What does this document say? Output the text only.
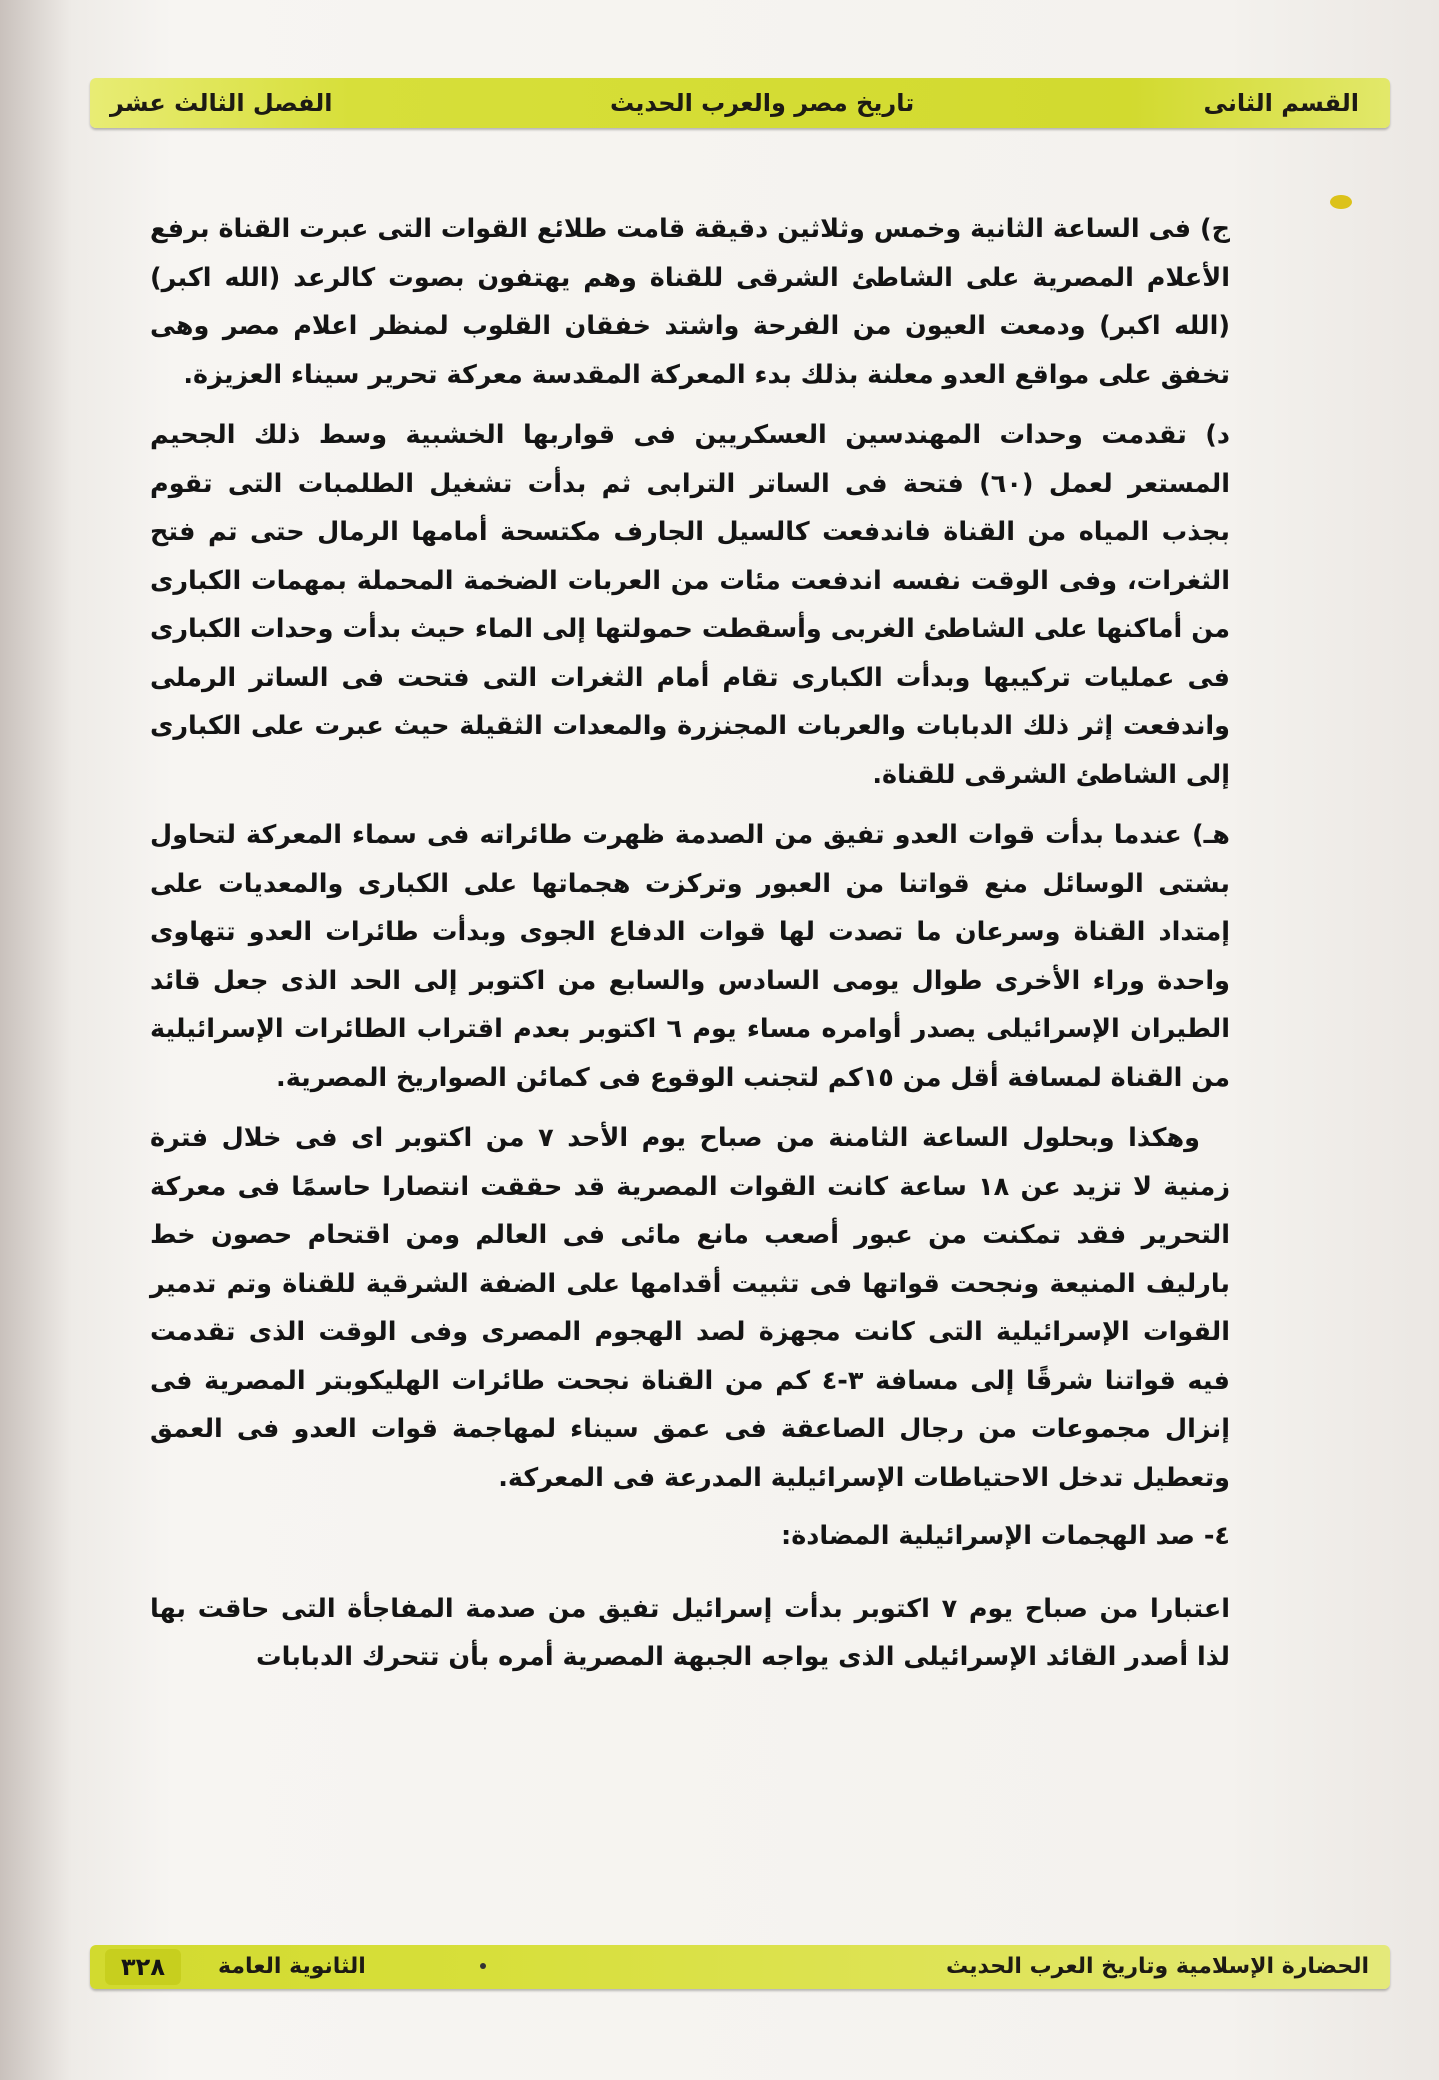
القسم الثانى
تاريخ مصر والعرب الحديث
الفصل الثالث عشر

ج) فى الساعة الثانية وخمس وثلاثين دقيقة قامت طلائع القوات التى عبرت القناة برفع الأعلام المصرية على الشاطئ الشرقى للقناة وهم يهتفون بصوت كالرعد (الله اكبر) (الله اكبر) ودمعت العيون من الفرحة واشتد خفقان القلوب لمنظر اعلام مصر وهى تخفق على مواقع العدو معلنة بذلك بدء المعركة المقدسة معركة تحرير سيناء العزيزة.

د) تقدمت وحدات المهندسين العسكريين فى قواربها الخشبية وسط ذلك الجحيم المستعر لعمل (٦٠) فتحة فى الساتر الترابى ثم بدأت تشغيل الطلمبات التى تقوم بجذب المياه من القناة فاندفعت كالسيل الجارف مكتسحة أمامها الرمال حتى تم فتح الثغرات، وفى الوقت نفسه اندفعت مئات من العربات الضخمة المحملة بمهمات الكبارى من أماكنها على الشاطئ الغربى وأسقطت حمولتها إلى الماء حيث بدأت وحدات الكبارى فى عمليات تركيبها وبدأت الكبارى تقام أمام الثغرات التى فتحت فى الساتر الرملى واندفعت إثر ذلك الدبابات والعربات المجنزرة والمعدات الثقيلة حيث عبرت على الكبارى إلى الشاطئ الشرقى للقناة.

هـ) عندما بدأت قوات العدو تفيق من الصدمة ظهرت طائراته فى سماء المعركة لتحاول بشتى الوسائل منع قواتنا من العبور وتركزت هجماتها على الكبارى والمعديات على إمتداد القناة وسرعان ما تصدت لها قوات الدفاع الجوى وبدأت طائرات العدو تتهاوى واحدة وراء الأخرى طوال يومى السادس والسابع من اكتوبر إلى الحد الذى جعل قائد الطيران الإسرائيلى يصدر أوامره مساء يوم ٦ اكتوبر بعدم اقتراب الطائرات الإسرائيلية من القناة لمسافة أقل من ١٥كم لتجنب الوقوع فى كمائن الصواريخ المصرية.

وهكذا وبحلول الساعة الثامنة من صباح يوم الأحد ٧ من اكتوبر اى فى خلال فترة زمنية لا تزيد عن ١٨ ساعة كانت القوات المصرية قد حققت انتصارا حاسمًا فى معركة التحرير فقد تمكنت من عبور أصعب مانع مائى فى العالم ومن اقتحام حصون خط بارليف المنيعة ونجحت قواتها فى تثبيت أقدامها على الضفة الشرقية للقناة وتم تدمير القوات الإسرائيلية التى كانت مجهزة لصد الهجوم المصرى وفى الوقت الذى تقدمت فيه قواتنا شرقًا إلى مسافة ٣-٤ كم من القناة نجحت طائرات الهليكوبتر المصرية فى إنزال مجموعات من رجال الصاعقة فى عمق سيناء لمهاجمة قوات العدو فى العمق وتعطيل تدخل الاحتياطات الإسرائيلية المدرعة فى المعركة.

٤- صد الهجمات الإسرائيلية المضادة:

اعتبارا من صباح يوم ٧ اكتوبر بدأت إسرائيل تفيق من صدمة المفاجأة التى حاقت بها لذا أصدر القائد الإسرائيلى الذى يواجه الجبهة المصرية أمره بأن تتحرك الدبابات

٣٢٨	الثانوية العامة	الحضارة الإسلامية وتاريخ العرب الحديث
